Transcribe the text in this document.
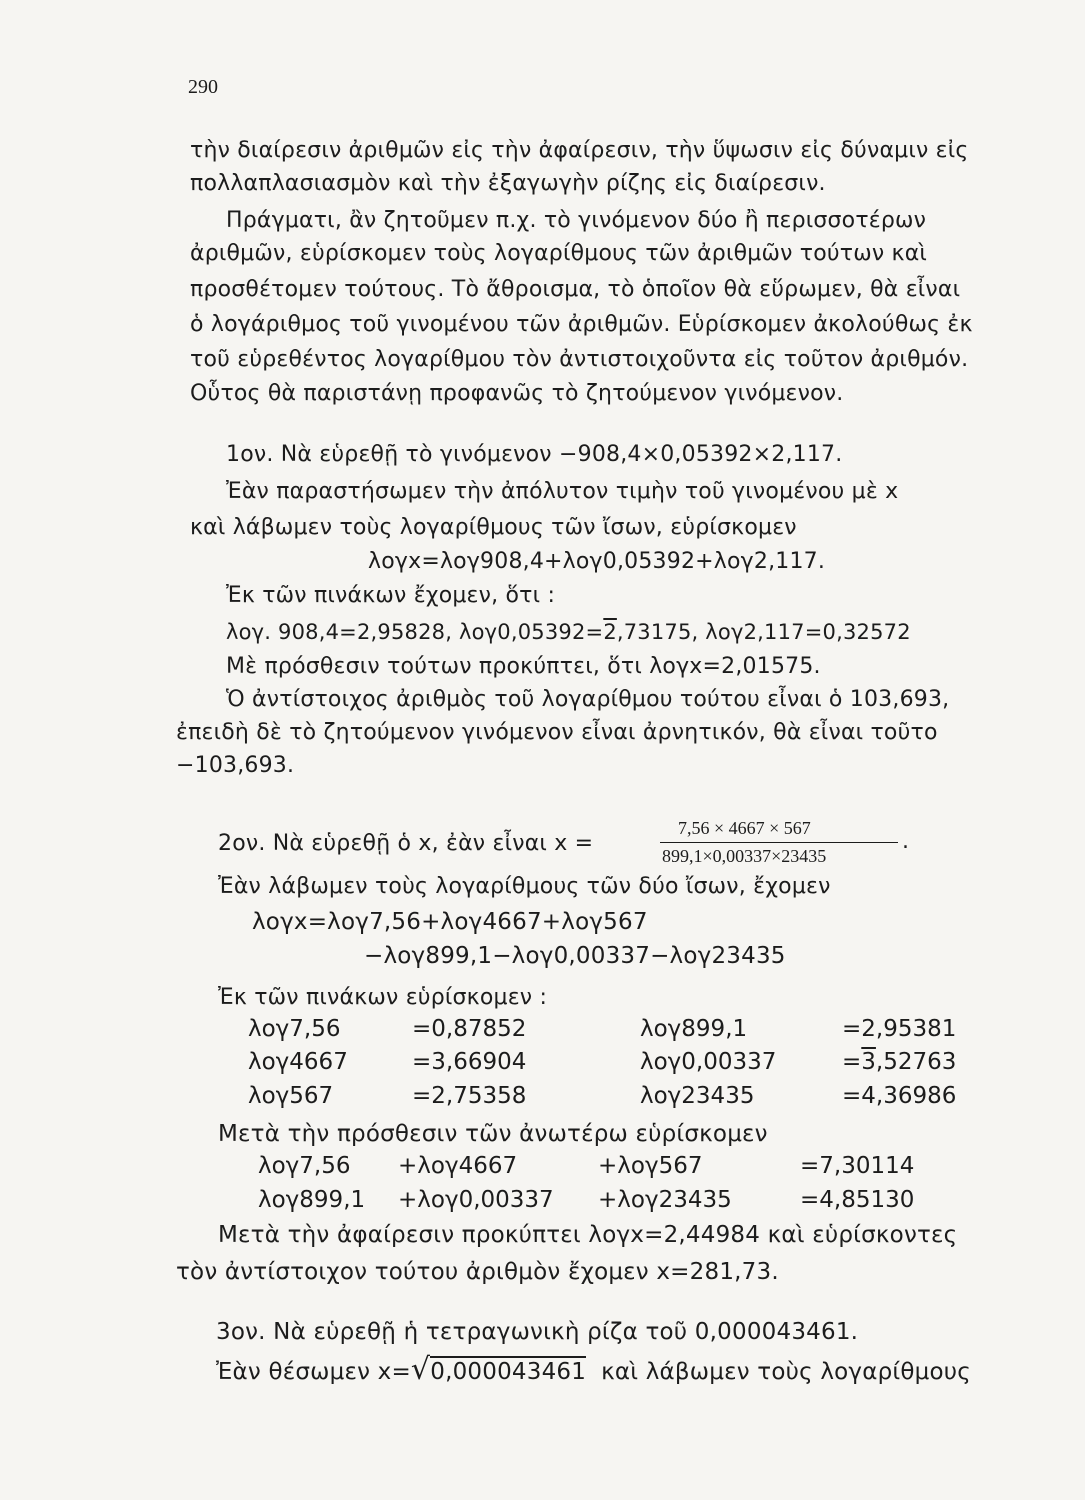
290
τὴν διαίρεσιν ἀριθμῶν εἰς τὴν ἀφαίρεσιν, τὴν ὕψωσιν εἰς δύναμιν εἰς
πολλαπλασιασμὸν καὶ τὴν ἐξαγωγὴν ρίζης εἰς διαίρεσιν.
Πράγματι, ἂν ζητοῦμεν π.χ. τὸ γινόμενον δύο ἢ περισσοτέρων
ἀριθμῶν, εὑρίσκομεν τοὺς λογαρίθμους τῶν ἀριθμῶν τούτων καὶ
προσθέτομεν τούτους. Τὸ ἄθροισμα, τὸ ὁποῖον θὰ εὕρωμεν, θὰ εἶναι
ὁ λογάριθμος τοῦ γινομένου τῶν ἀριθμῶν. Εὑρίσκομεν ἀκολούθως ἐκ
τοῦ εὑρεθέντος λογαρίθμου τὸν ἀντιστοιχοῦντα εἰς τοῦτον ἀριθμόν.
Οὗτος θὰ παριστάνῃ προφανῶς τὸ ζητούμενον γινόμενον.
1ον. Νὰ εὑρεθῇ τὸ γινόμενον −908,4×0,05392×2,117.
Ἐὰν παραστήσωμεν τὴν ἀπόλυτον τιμὴν τοῦ γινομένου μὲ x
καὶ λάβωμεν τοὺς λογαρίθμους τῶν ἴσων, εὑρίσκομεν
λογx=λογ908,4+λογ0,05392+λογ2,117.
Ἐκ τῶν πινάκων ἔχομεν, ὅτι :
λογ. 908,4=2,95828, λογ0,05392=2,73175, λογ2,117=0,32572
Μὲ πρόσθεσιν τούτων προκύπτει, ὅτι λογx=2,01575.
Ὁ ἀντίστοιχος ἀριθμὸς τοῦ λογαρίθμου τούτου εἶναι ὁ 103,693,
ἐπειδὴ δὲ τὸ ζητούμενον γινόμενον εἶναι ἀρνητικόν, θὰ εἶναι τοῦτο
−103,693.
2ον. Νὰ εὑρεθῇ ὁ x, ἐὰν εἶναι x =
7,56 × 4667 × 567
899,1×0,00337×23435
.
Ἐὰν λάβωμεν τοὺς λογαρίθμους τῶν δύο ἴσων, ἔχομεν
λογx=λογ7,56+λογ4667+λογ567
−λογ899,1−λογ0,00337−λογ23435
Ἐκ τῶν πινάκων εὑρίσκομεν :
λογ7,56	=0,87852	λογ899,1	=2,95381
λογ4667	=3,66904	λογ0,00337	=3,52763
λογ567	=2,75358	λογ23435	=4,36986
Μετὰ τὴν πρόσθεσιν τῶν ἀνωτέρω εὑρίσκομεν
λογ7,56 +λογ4667	+λογ567	=7,30114
λογ899,1 +λογ0,00337 +λογ23435	=4,85130
Μετὰ τὴν ἀφαίρεσιν προκύπτει λογx=2,44984 καὶ εὑρίσκοντες
τὸν ἀντίστοιχον τούτου ἀριθμὸν ἔχομεν x=281,73.
3ον. Νὰ εὑρεθῇ ἡ τετραγωνικὴ ρίζα τοῦ 0,000043461.
Ἐὰν θέσωμεν x=√0,000043461 καὶ λάβωμεν τοὺς λογαρίθμους
